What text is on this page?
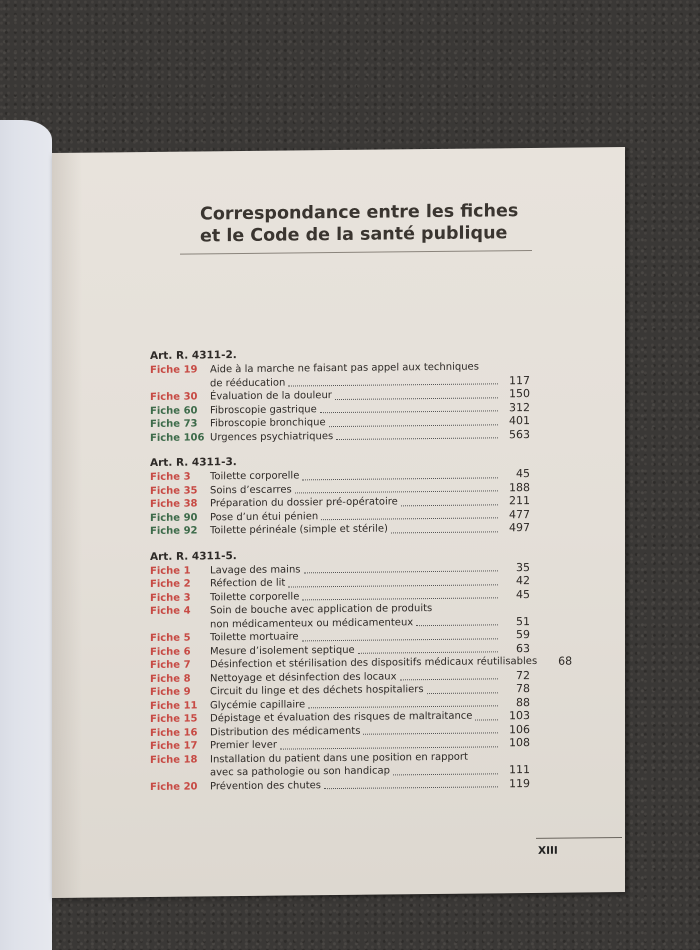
Correspondance entre les fiches
et le Code de la santé publique
Art. R. 4311-2.
Fiche 19	Aide à la marche ne faisant pas appel aux techniques
de rééducation	117
Fiche 30	Évaluation de la douleur	150
Fiche 60	Fibroscopie gastrique	312
Fiche 73	Fibroscopie bronchique	401
Fiche 106 Urgences psychiatriques	563
Art. R. 4311-3.
Fiche 3	Toilette corporelle	45
Fiche 35	Soins d’escarres	188
Fiche 38	Préparation du dossier pré-opératoire	211
Fiche 90	Pose d’un étui pénien	477
Fiche 92	Toilette périnéale (simple et stérile)	497
Art. R. 4311-5.
Fiche 1	Lavage des mains	35
Fiche 2	Réfection de lit	42
Fiche 3	Toilette corporelle	45
Fiche 4	Soin de bouche avec application de produits
non médicamenteux ou médicamenteux	51
Fiche 5	Toilette mortuaire	59
Fiche 6	Mesure d’isolement septique	63
Fiche 7	Désinfection et stérilisation des dispositifs médicaux réutilisables	68
Fiche 8	Nettoyage et désinfection des locaux	72
Fiche 9	Circuit du linge et des déchets hospitaliers	78
Fiche 11	Glycémie capillaire	88
Fiche 15	Dépistage et évaluation des risques de maltraitance	103
Fiche 16	Distribution des médicaments	106
Fiche 17	Premier lever	108
Fiche 18	Installation du patient dans une position en rapport
avec sa pathologie ou son handicap	111
Fiche 20	Prévention des chutes	119
XIII
